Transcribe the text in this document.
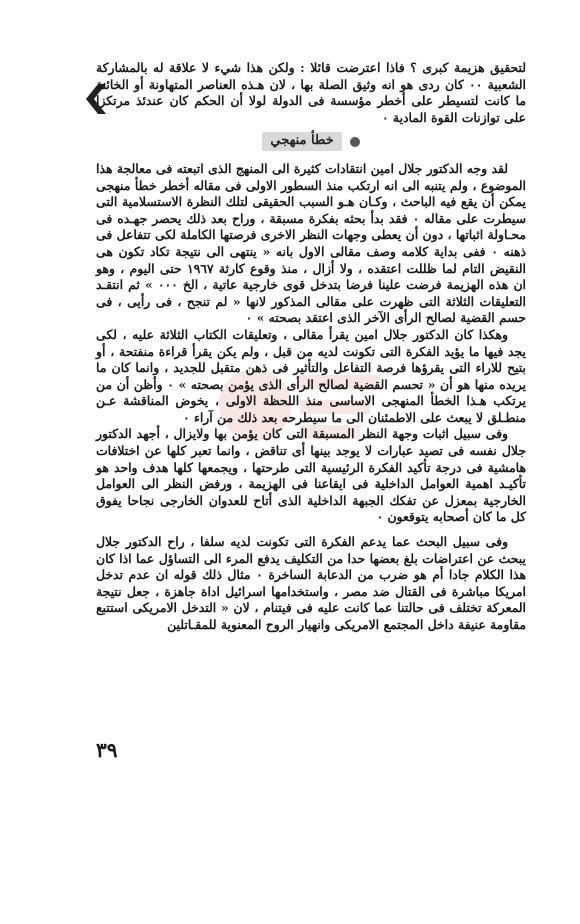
لتحقيق هزيمة كبرى ؟ فاذا اعترضت قائلا : ولكن هذا شيء لا علاقة له بالمشاركة الشعبية ٠٠ كان ردى هو انه وثيق الصلة بها ، لان هـذه العناصر المتهاونة أو الخائنة ما كانت لتسيطر على أخطر مؤسسة فى الدولة لولا أن الحكم كان عندئذ مرتكزا على توازنات القوة المادية ٠

خطأ منهجي

لقد وجه الدكتور جلال امين انتقادات كثيرة الى المنهج الذى اتبعته فى معالجة هذا الموضوع ، ولم يتنبه الى انه ارتكب منذ السطور الاولى فى مقاله أخطر خطأ منهجى يمكن أن يقع فيه الباحث ، وكـان هـو السبب الحقيقى لتلك النظرة الاستسلامية التى سيطرت على مقاله ٠ فقد بدأ بحثه بفكرة مسبقة ، وراح بعد ذلك يحصر جهـده فى محـاولة اثباتها ، دون أن يعطى وجهات النظر الاخرى فرصتها الكاملة لكى تتفاعل فى ذهنه ٠ ففى بداية كلامه وصف مقالى الاول بانه « ينتهى الى نتيجة تكاد تكون هى النقيض التام لما ظللت اعتقده ، ولا أزال ، منذ وقوع كارثة ١٩٦٧ حتى اليوم ، وهو ان هذه الهزيمة فرضت علينا فرضا بتدخل قوى خارجية عاتية ، الخ ٠٠٠ » ثم انتقـد التعليقات الثلاثة التى ظهرت على مقالى المذكور لانها « لم تنجح ، فى رأيى ، فى حسم القضية لصالح الرأى الآخر الذى اعتقد بصحته » ٠

وهكذا كان الدكتور جلال امين يقرأ مقالى ، وتعليقات الكتاب الثلاثة عليه ، لكى يجد فيها ما يؤيد الفكرة التى تكونت لديه من قبل ، ولم يكن يقرأ قراءة منفتحة ، أو بتيح للاراء التى يقرؤها فرصة التفاعل والتأثير فى ذهن متقبل للجديد ، وانما كان ما يريده منها هو أن « تحسم القضية لصالح الرأى الذى يؤمن بصحته » ٠ وأظن أن من يرتكب هـذا الخطأ المنهجى الاساسى منذ اللحظة الاولى ، يخوض المناقشة عـن منطـلق لا يبعث على الاطمئنان الى ما سيطرحه بعد ذلك من آراء ٠

وفى سبيل اثبات وجهة النظر المسبقة التى كان يؤمن بها ولايزال ، أجهد الدكتور جلال نفسه فى تصيد عبارات لا يوجد بينها أى تناقض ، وانما تعبر كلها عن اختلافات هامشية فى درجة تأكيد الفكرة الرئيسية التى طرحتها ، ويجمعها كلها هدف واحد هو تأكيـد اهمية العوامل الداخلية فى ايقاعنا فى الهزيمة ، ورفض النظر الى العوامل الخارجية بمعزل عن تفكك الجبهة الداخلية الذى أتاح للعدوان الخارجى نجاحا يفوق كل ما كان أصحابه يتوقعون ٠

وفى سبيل البحث عما يدعم الفكرة التى تكونت لديه سلفا ، راح الدكتور جلال يبحث عن اعتراضات بلغ بعضها حدا من التكليف يدفع المرء الى التساؤل عما اذا كان هذا الكلام جادا أم هو ضرب من الدعابة الساخرة ٠ مثال ذلك قوله ان عدم تدخل امريكا مباشرة فى القتال ضد مصر ، واستخدامها اسرائيل اداة جاهزة ، جعل نتيجة المعركة تختلف فى حالتنا عما كانت عليه فى فيتنام ، لان « التدخل الامريكى استتبع مقاومة عنيفة داخل المجتمع الامريكى وانهيار الروح المعنوية للمقـاتلين

٣٩
